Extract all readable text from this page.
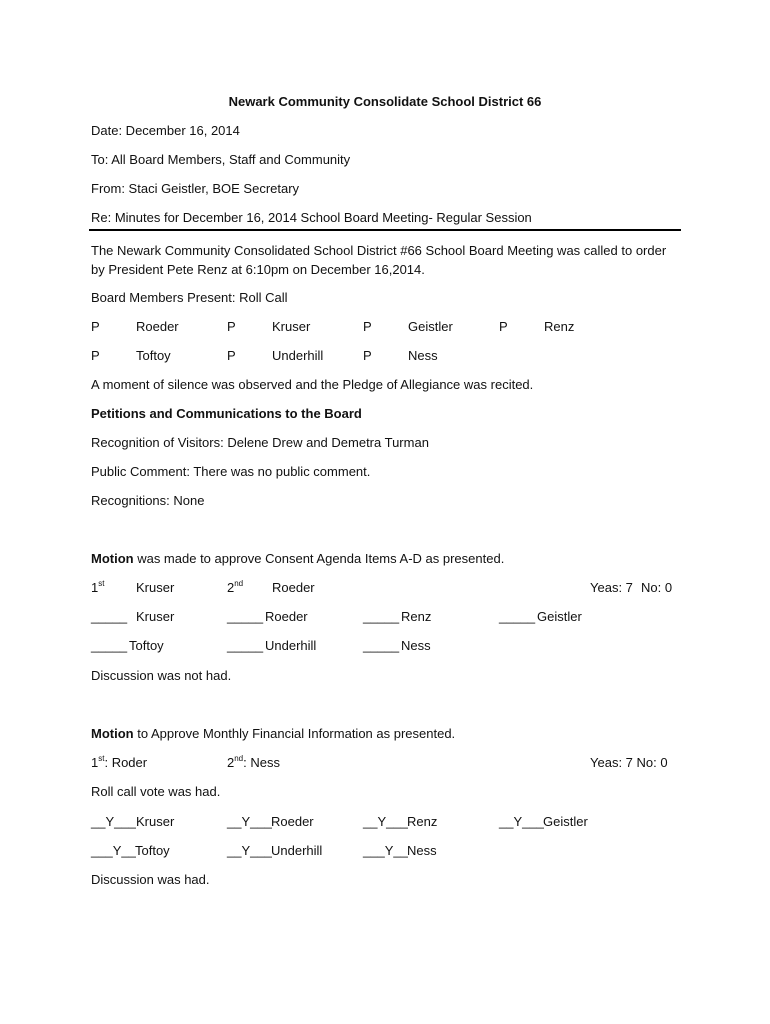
Newark Community Consolidate School District 66
Date: December 16, 2014
To: All Board Members, Staff and Community
From: Staci Geistler, BOE Secretary
Re: Minutes for December 16, 2014 School Board Meeting- Regular Session
The Newark Community Consolidated School District #66 School Board Meeting was called to order by President Pete Renz at 6:10pm on December 16,2014.
Board Members Present: Roll Call
P	Roeder	P	Kruser	P	Geistler	P	Renz
P	Toftoy	P	Underhill	P	Ness
A moment of silence was observed and the Pledge of Allegiance was recited.
Petitions and Communications to the Board
Recognition of Visitors: Delene Drew and Demetra Turman
Public Comment: There was no public comment.
Recognitions: None
Motion was made to approve Consent Agenda Items A-D as presented.
1st Kruser	2nd Roeder	Yeas: 7 No: 0
_____ Kruser	_____ Roeder	_____ Renz	_____ Geistler
_____ Toftoy	_____ Underhill	_____ Ness
Discussion was not had.
Motion to Approve Monthly Financial Information as presented.
1st: Roder	2nd: Ness	Yeas: 7 No: 0
Roll call vote was had.
__Y___ Kruser	__Y___ Roeder	__Y___ Renz	__Y___ Geistler
___Y__ Toftoy	__Y___ Underhill	___Y__ Ness
Discussion was had.
